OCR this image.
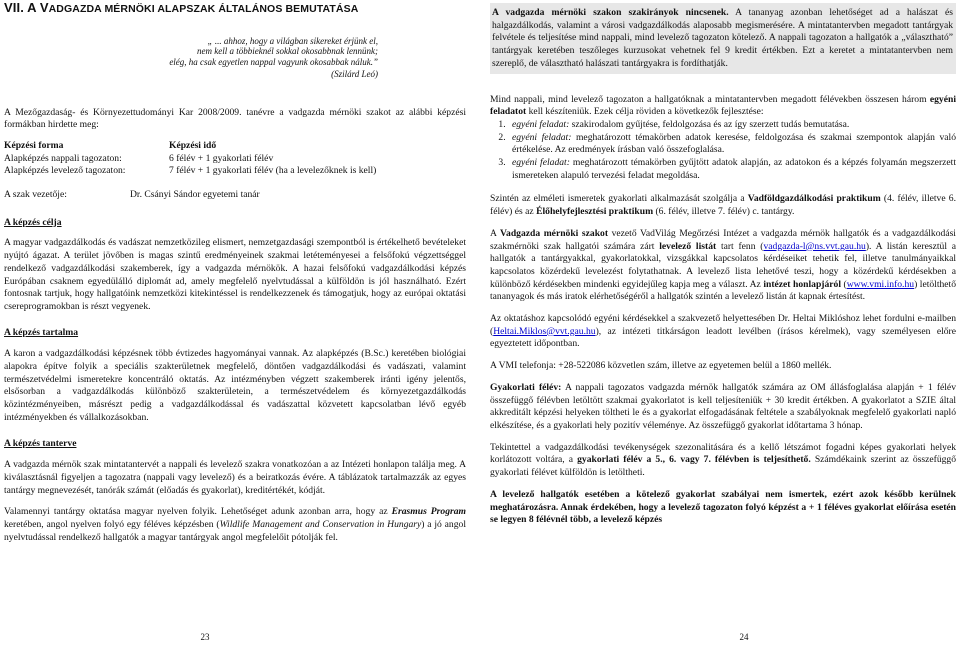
VII. A VADGAZDA MÉRNÖKI ALAPSZAK ÁLTALÁNOS BEMUTATÁSA
„ ... ahhoz, hogy a világban sikereket érjünk el,
nem kell a többieknél sokkal okosabbnak lennünk;
elég, ha csak egyetlen nappal vagyunk okosabbak náluk.”
(Szilárd Leó)

A Mezőgazdaság- és Környezettudományi Kar 2008/2009. tanévre a vadgazda mérnöki szakot az alábbi képzési formákban hirdette meg:

Képzési forma	Képzési idő
Alapképzés nappali tagozaton:	6 félév + 1 gyakorlati félév
Alapképzés levelező tagozaton:	7 félév + 1 gyakorlati félév (ha a levelezőknek is kell)
A szak vezetője:	Dr. Csányi Sándor egyetemi tanár

A képzés célja

A magyar vadgazdálkodás és vadászat nemzetközileg elismert, nemzetgazdasági szempontból is értékelhető bevételeket nyújtó ágazat. A terület jövőben is magas szintű eredményeinek szakmai letéteményesei a felsőfokú végzettséggel rendelkező vadgazdálkodási szakemberek, így a vadgazda mérnökök. A hazai felsőfokú vadgazdálkodási képzés Európában csaknem egyedülálló diplomát ad, amely megfelelő nyelvtudással a külföldön is jól használható. Ezért fontosnak tartjuk, hogy hallgatóink nemzetközi kitekintéssel is rendelkezzenek és támogatjuk, hogy az európai oktatási csereprogramokban is részt vegyenek.

A képzés tartalma

A karon a vadgazdálkodási képzésnek több évtizedes hagyományai vannak. Az alapképzés (B.Sc.) keretében biológiai alapokra építve folyik a speciális szakterületnek megfelelő, döntően vadgazdálkodási és vadászati, valamint természetvédelmi ismeretekre koncentráló oktatás. Az intézményben végzett szakemberek iránti igény jelentős, elsősorban a vadgazdálkodás különböző szakterületein, a természetvédelem és környezetgazdálkodás közintézményeiben, másrészt pedig a vadgazdálkodással és vadászattal közvetett kapcsolatban lévő egyéb intézményekben és vállalkozásokban.

A képzés tanterve

A vadgazda mérnök szak mintatantervét a nappali és levelező szakra vonatkozóan a az Intézeti honlapon találja meg. A kiválasztásnál figyeljen a tagozatra (nappali vagy levelező) és a beiratkozás évére. A táblázatok tartalmazzák az egyes tantárgy megnevezését, tanórák számát (előadás és gyakorlat), kreditértékét, kódját.

Valamennyi tantárgy oktatása magyar nyelven folyik. Lehetőséget adunk azonban arra, hogy az Erasmus Program keretében, angol nyelven folyó egy féléves képzésben (Wildlife Management and Conservation in Hungary) a jó angol nyelvtudással rendelkező hallgatók a magyar tantárgyak angol megfelelőit pótolják fel.

23

A vadgazda mérnöki szakon szakirányok nincsenek. A tananyag azonban lehetőséget ad a halászat és halgazdálkodás, valamint a városi vadgazdálkodás alaposabb megismerésére. A mintatantervben megadott tantárgyak felvétele és teljesítése mind nappali, mind levelező tagozaton kötelező. A nappali tagozaton a hallgatók a „választható” tantárgyak keretében teszőleges kurzusokat vehetnek fel 9 kredit értékben. Ezt a keretet a mintatantervben nem szereplő, de választható halászati tantárgyakra is fordíthatják.

Mind nappali, mind levelező tagozaton a hallgatóknak a mintatantervben megadott félévekben összesen három egyéni feladatot kell készíteniük. Ezek célja röviden a következők fejlesztése:

1. egyéni feladat: szakirodalom gyűjtése, feldolgozása és az így szerzett tudás bemutatása.
2. egyéni feladat: meghatározott témakörben adatok keresése, feldolgozása és szakmai szempontok alapján való értékelése. Az eredmények írásban való összefoglalása.
3. egyéni feladat: meghatározott témakörben gyűjtött adatok alapján, az adatokon és a képzés folyamán megszerzett ismereteken alapuló tervezési feladat megoldása.

Szintén az elméleti ismeretek gyakorlati alkalmazását szolgálja a Vadföldgazdálkodási praktikum (4. félév, illetve 6. félév) és az Élőhelyfejlesztési praktikum (6. félév, illetve 7. félév) c. tantárgy.

A Vadgazda mérnöki szakot vezető VadVilág Megőrzési Intézet a vadgazda mérnök hallgatók és a vadgazdálkodási szakmérnöki szak hallgatói számára zárt levelező listát tart fenn (vadgazda-l@ns.vvt.gau.hu). A listán keresztül a hallgatók a tantárgyakkal, gyakorlatokkal, vizsgákkal kapcsolatos kérdéseiket tehetik fel, illetve tanulmányaikkal kapcsolatos közérdekű levelezést folytathatnak. A levelező lista lehetővé teszi, hogy a közérdekű kérdésekben a különböző kérdésekben mindenki egyidejűleg kapja meg a választ. Az intézet honlapjáról (www.vmi.info.hu) letölthető tananyagok és más iratok elérhetőségéről a hallgatók szintén a levelező listán át kapnak értesítést.

Az oktatáshoz kapcsolódó egyéni kérdésekkel a szakvezető helyettesében Dr. Heltai Miklóshoz lehet fordulni e-mailben (Heltai.Miklos@vvt.gau.hu), az intézeti titkárságon leadott levélben (írásos kérelmek), vagy személyesen előre egyeztetett időpontban.

A VMI telefonja: +28-522086 közvetlen szám, illetve az egyetemen belül a 1860 mellék.

Gyakorlati félév: A nappali tagozatos vadgazda mérnök hallgatók számára az OM állásfoglalása alapján + 1 félév összefüggő félévben letöltött szakmai gyakorlatot is kell teljesíteniük + 30 kredit értékben. A gyakorlatot a SZIE által akkreditált képzési helyeken töltheti le és a gyakorlat elfogadásának feltétele a szabályoknak megfelelő gyakorlati napló elkészítése, és a gyakorlati hely pozitív véleménye. Az összefüggő gyakorlat időtartama 3 hónap.

Tekintettel a vadgazdálkodási tevékenységek szezonalitására és a kellő létszámot fogadni képes gyakorlati helyek korlátozott voltára, a gyakorlati félév a 5., 6. vagy 7. félévben is teljesíthető. Számdékaink szerint az összefüggő gyakorlati félévet külföldön is letöltheti.

A levelező hallgatók esetében a kötelező gyakorlat szabályai nem ismertek, ezért azok később kerülnek meghatározásra. Annak érdekében, hogy a levelező tagozaton folyó képzést a + 1 féléves gyakorlat előírása esetén se legyen 8 félévnél több, a levelező képzés

24
